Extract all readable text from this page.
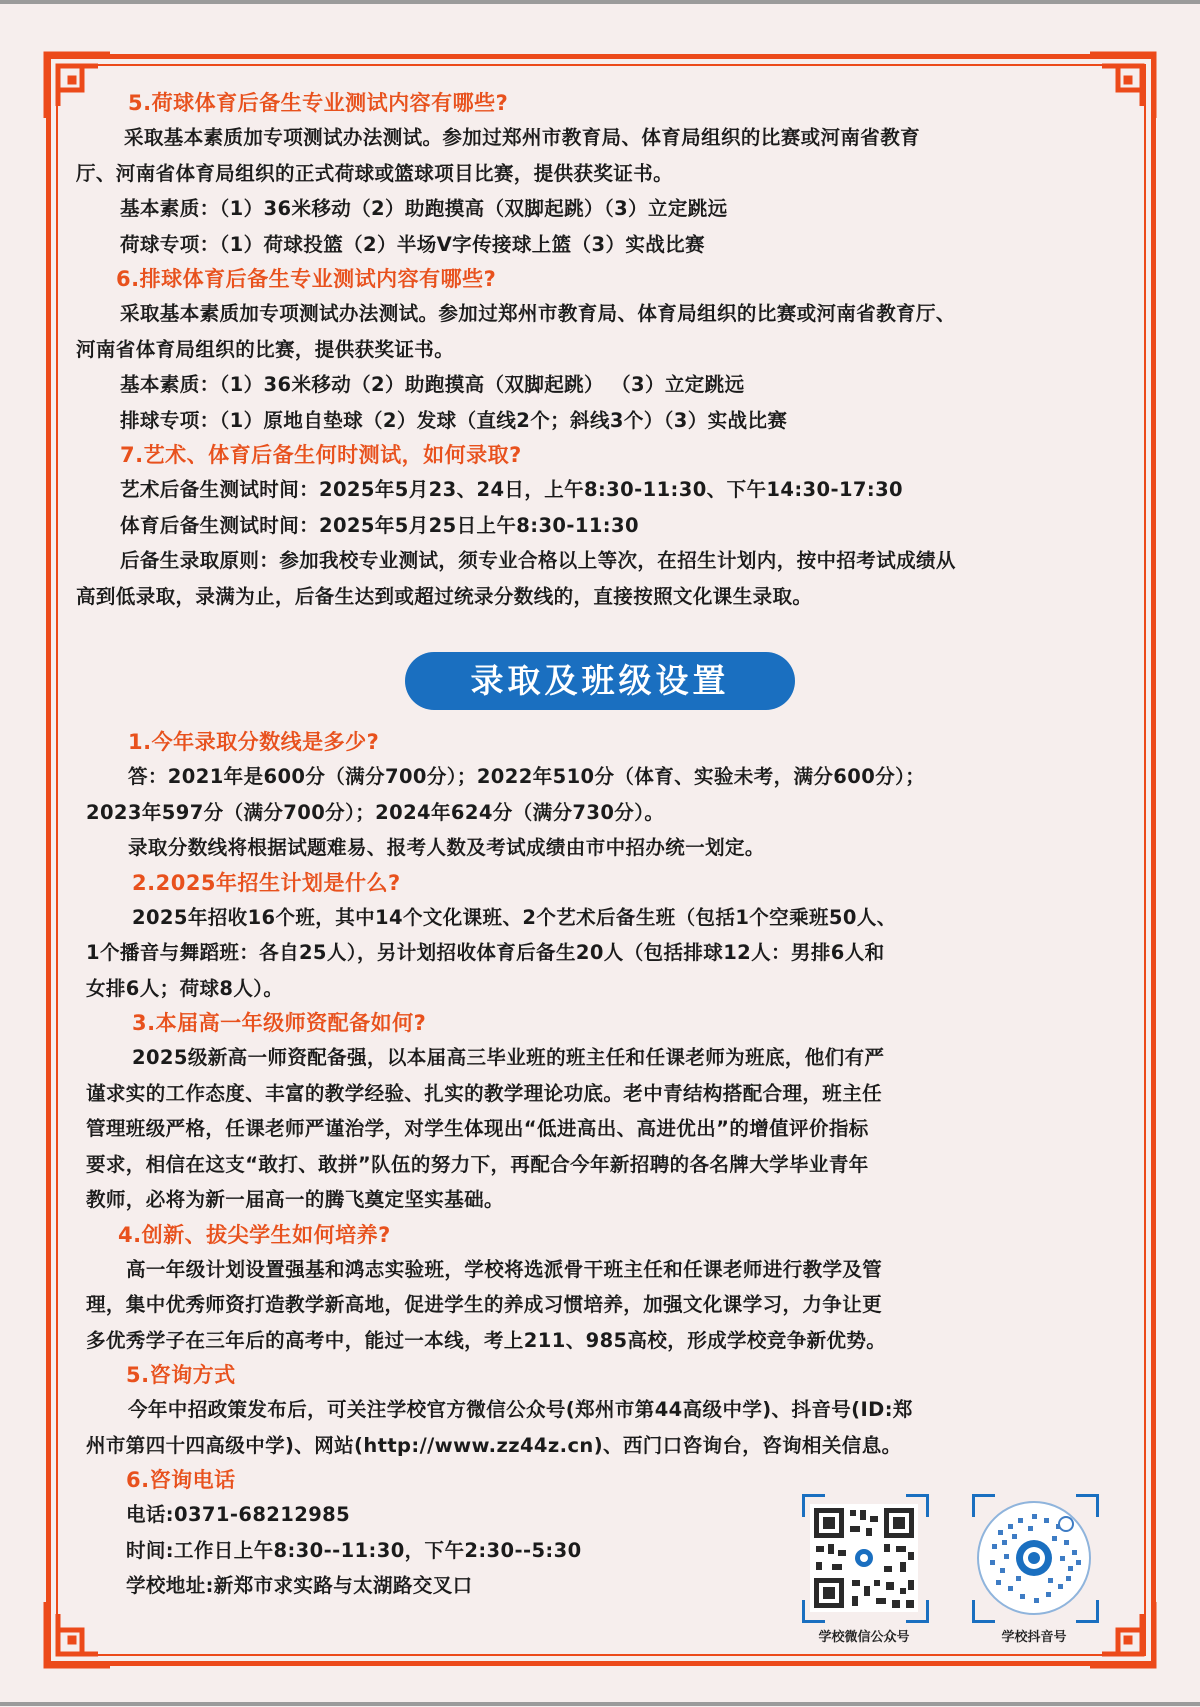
5.荷球体育后备生专业测试内容有哪些?
采取基本素质加专项测试办法测试。参加过郑州市教育局、体育局组织的比赛或河南省教育
厅、河南省体育局组织的正式荷球或篮球项目比赛，提供获奖证书。
基本素质：（1）36米移动（2）助跑摸高（双脚起跳）（3）立定跳远
荷球专项：（1）荷球投篮（2）半场V字传接球上篮（3）实战比赛
6.排球体育后备生专业测试内容有哪些?
采取基本素质加专项测试办法测试。参加过郑州市教育局、体育局组织的比赛或河南省教育厅、
河南省体育局组织的比赛，提供获奖证书。
基本素质：（1）36米移动（2）助跑摸高（双脚起跳） （3）立定跳远
排球专项：（1）原地自垫球（2）发球（直线2个；斜线3个）（3）实战比赛
7.艺术、体育后备生何时测试，如何录取?
艺术后备生测试时间：2025年5月23、24日，上午8:30-11:30、下午14:30-17:30
体育后备生测试时间：2025年5月25日上午8:30-11:30
后备生录取原则：参加我校专业测试，须专业合格以上等次，在招生计划内，按中招考试成绩从
高到低录取，录满为止，后备生达到或超过统录分数线的，直接按照文化课生录取。
录取及班级设置
1.今年录取分数线是多少?
答：2021年是600分（满分700分）；2022年510分（体育、实验未考，满分600分）；
2023年597分（满分700分）；2024年624分（满分730分）。
录取分数线将根据试题难易、报考人数及考试成绩由市中招办统一划定。
2.2025年招生计划是什么?
2025年招收16个班，其中14个文化课班、2个艺术后备生班（包括1个空乘班50人、
1个播音与舞蹈班：各自25人），另计划招收体育后备生20人（包括排球12人：男排6人和
女排6人；荷球8人）。
3.本届高一年级师资配备如何?
2025级新高一师资配备强，以本届高三毕业班的班主任和任课老师为班底，他们有严
谨求实的工作态度、丰富的教学经验、扎实的教学理论功底。老中青结构搭配合理，班主任
管理班级严格，任课老师严谨治学，对学生体现出“低进高出、高进优出”的增值评价指标
要求，相信在这支“敢打、敢拼”队伍的努力下，再配合今年新招聘的各名牌大学毕业青年
教师，必将为新一届高一的腾飞奠定坚实基础。
4.创新、拔尖学生如何培养?
高一年级计划设置强基和鸿志实验班，学校将选派骨干班主任和任课老师进行教学及管
理，集中优秀师资打造教学新高地，促进学生的养成习惯培养，加强文化课学习，力争让更
多优秀学子在三年后的高考中，能过一本线，考上211、985高校，形成学校竞争新优势。
5.咨询方式
今年中招政策发布后，可关注学校官方微信公众号(郑州市第44高级中学)、抖音号(ID:郑
州市第四十四高级中学)、网站(http://www.zz44z.cn)、西门口咨询台，咨询相关信息。
6.咨询电话
电话:0371-68212985
时间:工作日上午8:30--11:30，下午2:30--5:30
学校地址:新郑市求实路与太湖路交叉口
学校微信公众号	学校抖音号
